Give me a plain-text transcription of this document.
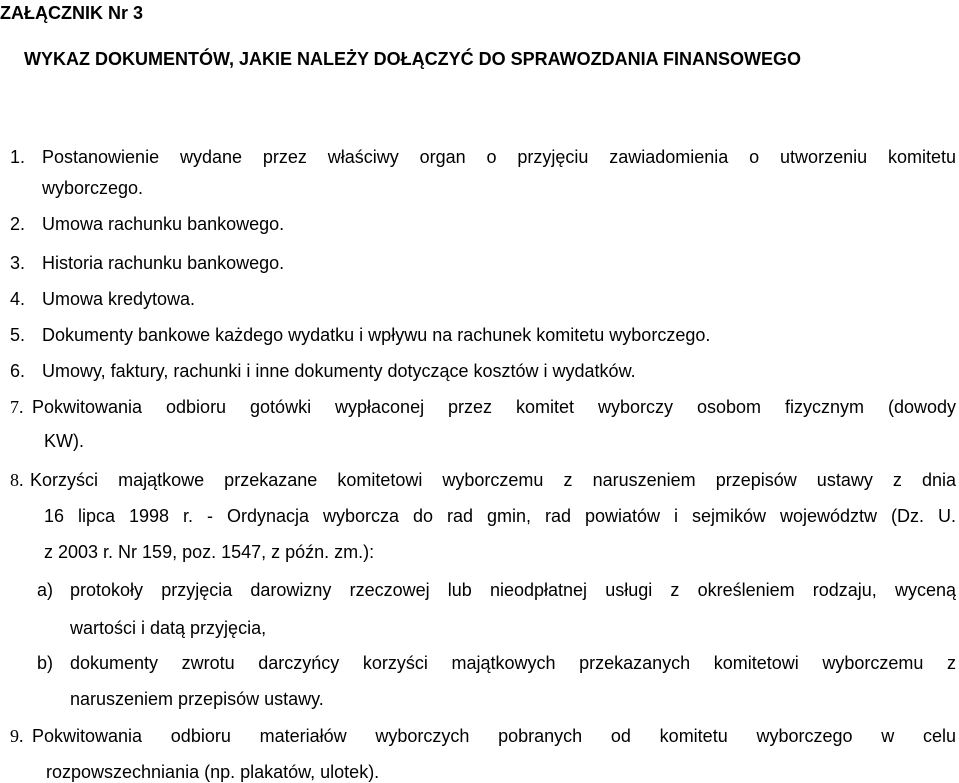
ZAŁĄCZNIK Nr 3
WYKAZ DOKUMENTÓW, JAKIE NALEŻY DOŁĄCZYĆ DO SPRAWOZDANIA FINANSOWEGO
1. Postanowienie wydane przez właściwy organ o przyjęciu zawiadomienia o utworzeniu komitetu
wyborczego.
2. Umowa rachunku bankowego.
3. Historia rachunku bankowego.
4. Umowa kredytowa.
5. Dokumenty bankowe każdego wydatku i wpływu na rachunek komitetu wyborczego.
6. Umowy, faktury, rachunki i inne dokumenty dotyczące kosztów i wydatków.
7. Pokwitowania odbioru gotówki wypłaconej przez komitet wyborczy osobom fizycznym (dowody
KW).
8. Korzyści majątkowe przekazane komitetowi wyborczemu z naruszeniem przepisów ustawy z dnia
16 lipca 1998 r. - Ordynacja wyborcza do rad gmin, rad powiatów i sejmików województw (Dz. U.
z 2003 r. Nr 159, poz. 1547, z późn. zm.):
a) protokoły przyjęcia darowizny rzeczowej lub nieodpłatnej usługi z określeniem rodzaju, wyceną
wartości i datą przyjęcia,
b) dokumenty zwrotu darczyńcy korzyści majątkowych przekazanych komitetowi wyborczemu z
naruszeniem przepisów ustawy.
9. Pokwitowania odbioru materiałów wyborczych pobranych od komitetu wyborczego w celu
rozpowszechniania (np. plakatów, ulotek).
